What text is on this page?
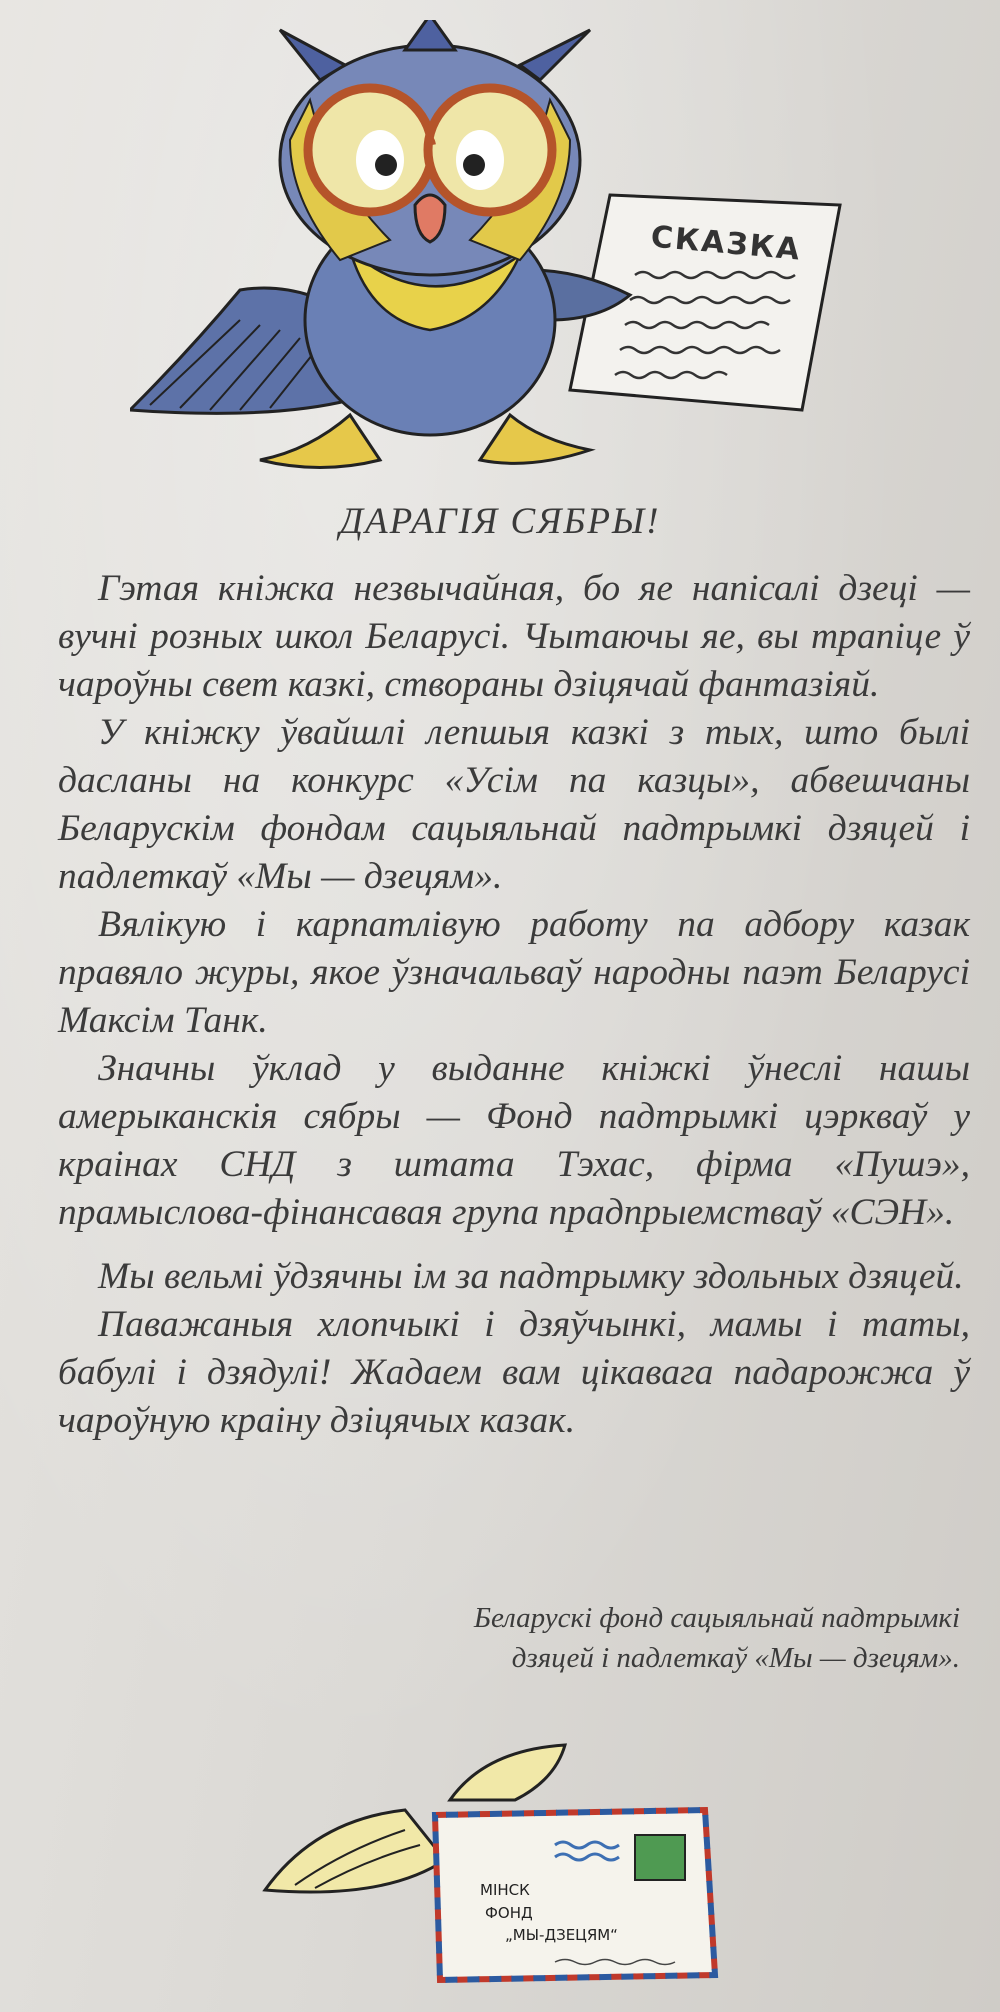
СКАЗКА
ДАРАГІЯ СЯБРЫ!

Гэтая кніжка незвычайная, бо яе напісалі дзеці — вучні розных школ Беларусі. Чытаючы яе, вы трапіце ў чароўны свет казкі, створаны дзіцячай фантазіяй.

У кніжку ўвайшлі лепшыя казкі з тых, што былі дасланы на конкурс «Усім па казцы», абвешчаны Беларускім фондам сацыяльнай падтрымкі дзяцей і падлеткаў «Мы — дзецям».

Вялікую і карпатлівую работу па адбору казак правяло журы, якое ўзначальваў народны паэт Беларусі Максім Танк.

Значны ўклад у выданне кніжкі ўнеслі нашы амерыканскія сябры — Фонд падтрымкі цэркваў у краінах СНД з штата Тэхас, фірма «Пушэ», прамыслова-фінансавая група прадпрыемстваў «СЭН».

Мы вельмі ўдзячны ім за падтрымку здольных дзяцей.

Паважаныя хлопчыкі і дзяўчынкі, мамы і таты, бабулі і дзядулі! Жадаем вам цікавага падарожжа ў чароўную краіну дзіцячых казак.

Беларускі фонд сацыяльнай падтрымкі
дзяцей і падлеткаў «Мы — дзецям».
МІНСК
ФОНД
„МЫ-ДЗЕЦЯМ“
